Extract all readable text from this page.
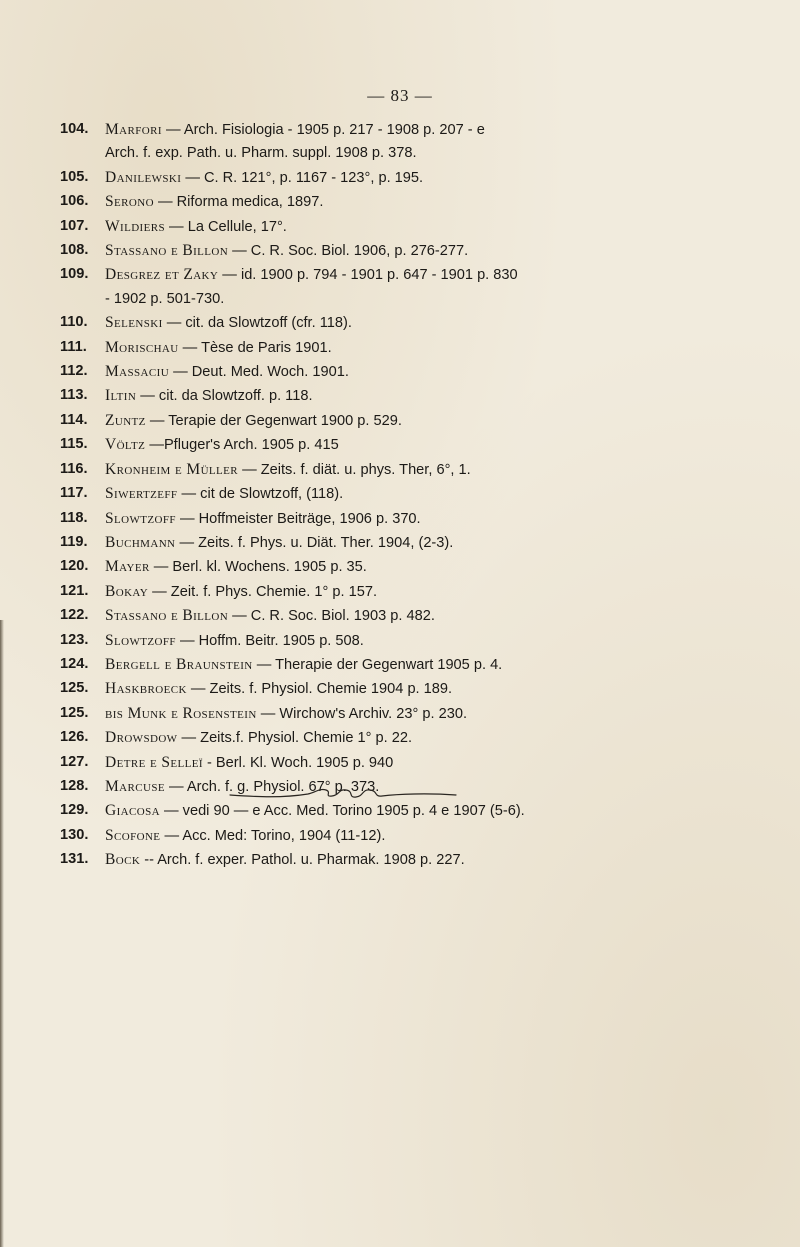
— 83 —
104.	Marfori — Arch. Fisiologia - 1905 p. 217 - 1908 p. 207 - e
Arch. f. exp. Path. u. Pharm. suppl. 1908 p. 378.
105.	Danilewski — C. R. 121°, p. 1167 - 123°, p. 195.
106.	Serono — Riforma medica, 1897.
107.	Wildiers — La Cellule, 17°.
108.	Stassano e Billon — C. R. Soc. Biol. 1906, p. 276-277.
109.	Desgrez et Zaky — id. 1900 p. 794 - 1901 p. 647 - 1901 p. 830
- 1902 p. 501-730.
110.	Selenski — cit. da Slowtzoff (cfr. 118).
111.	Morischau — Tèse de Paris 1901.
112.	Massaciu — Deut. Med. Woch. 1901.
113.	Iltin — cit. da Slowtzoff. p. 118.
114.	Zuntz — Terapie der Gegenwart 1900 p. 529.
115.	Völtz —Pfluger's Arch. 1905 p. 415
116.	Kronheim e Müller — Zeits. f. diät. u. phys. Ther, 6°, 1.
117.	Siwertzeff — cit de Slowtzoff, (118).
118.	Slowtzoff — Hoffmeister Beiträge, 1906 p. 370.
119.	Buchmann — Zeits. f. Phys. u. Diät. Ther. 1904, (2-3).
120.	Mayer — Berl. kl. Wochens. 1905 p. 35.
121.	Bokay — Zeit. f. Phys. Chemie. 1° p. 157.
122.	Stassano e Billon — C. R. Soc. Biol. 1903 p. 482.
123.	Slowtzoff — Hoffm. Beitr. 1905 p. 508.
124.	Bergell e Braunstein — Therapie der Gegenwart 1905 p. 4.
125.	Haskbroeck — Zeits. f. Physiol. Chemie 1904 p. 189.
125.	bis Munk e Rosenstein — Wirchow's Archiv. 23° p. 230.
126.	Drowsdow — Zeits.f. Physiol. Chemie 1° p. 22.
127.	Detre e Selleï - Berl. Kl. Woch. 1905 p. 940
128.	Marcuse — Arch. f. g. Physiol. 67° p. 373.
129.	Giacosa — vedi 90 — e Acc. Med. Torino 1905 p. 4 e 1907 (5-6).
130.	Scofone — Acc. Med: Torino, 1904 (11-12).
131.	Bock -- Arch. f. exper. Pathol. u. Pharmak. 1908 p. 227.
